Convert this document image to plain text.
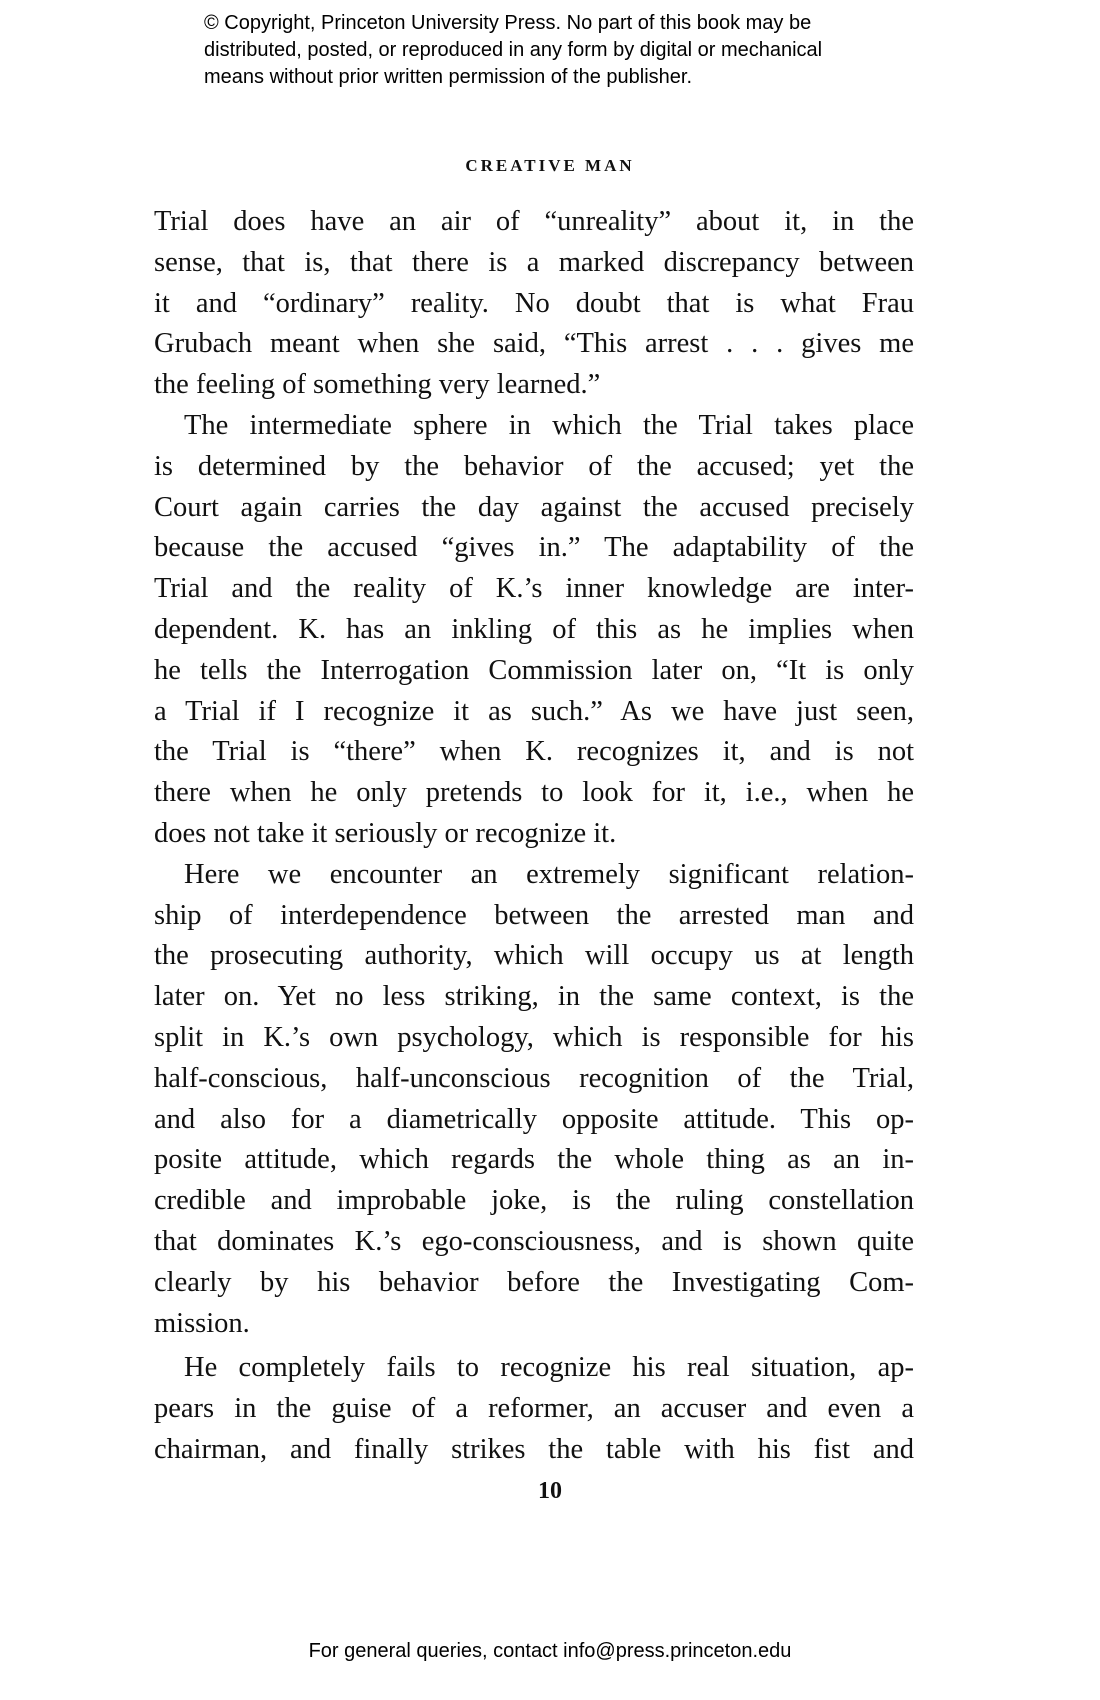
© Copyright, Princeton University Press. No part of this book may be
distributed, posted, or reproduced in any form by digital or mechanical
means without prior written permission of the publisher.
CREATIVE MAN
Trial does have an air of “unreality” about it, in the
sense, that is, that there is a marked discrepancy between
it and “ordinary” reality. No doubt that is what Frau
Grubach meant when she said, “This arrest . . . gives me
the feeling of something very learned.”
The intermediate sphere in which the Trial takes place
is determined by the behavior of the accused; yet the
Court again carries the day against the accused precisely
because the accused “gives in.” The adaptability of the
Trial and the reality of K.’s inner knowledge are inter-
dependent. K. has an inkling of this as he implies when
he tells the Interrogation Commission later on, “It is only
a Trial if I recognize it as such.” As we have just seen,
the Trial is “there” when K. recognizes it, and is not
there when he only pretends to look for it, i.e., when he
does not take it seriously or recognize it.
Here we encounter an extremely significant relation-
ship of interdependence between the arrested man and
the prosecuting authority, which will occupy us at length
later on. Yet no less striking, in the same context, is the
split in K.’s own psychology, which is responsible for his
half-conscious, half-unconscious recognition of the Trial,
and also for a diametrically opposite attitude. This op-
posite attitude, which regards the whole thing as an in-
credible and improbable joke, is the ruling constellation
that dominates K.’s ego-consciousness, and is shown quite
clearly by his behavior before the Investigating Com-
mission.
He completely fails to recognize his real situation, ap-
pears in the guise of a reformer, an accuser and even a
chairman, and finally strikes the table with his fist and
10
For general queries, contact info@press.princeton.edu
